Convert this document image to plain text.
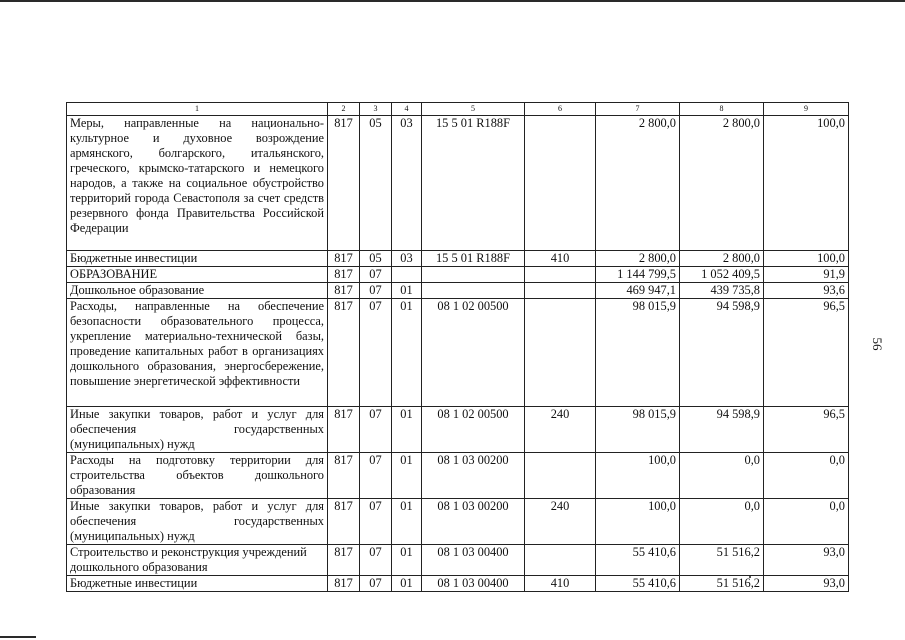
56
1	2	3	4	5	6	7	8	9
Меры, направленные на национально-культурное и духовное возрождение армянского, болгарского, итальянского, греческого, крымско-татарского и немецкого народов, а также на социальное обустройство территорий города Севастополя за счет средств резервного фонда Правительства Российской Федерации	817	05	03	15 5 01 R188F		2 800,0	2 800,0	100,0
Бюджетные инвестиции	817	05	03	15 5 01 R188F	410	2 800,0	2 800,0	100,0
ОБРАЗОВАНИЕ	817	07				1 144 799,5	1 052 409,5	91,9
Дошкольное образование	817	07	01			469 947,1	439 735,8	93,6
Расходы, направленные на обеспечение безопасности образовательного процесса, укрепление материально-технической базы, проведение капитальных работ в организациях дошкольного образования, энергосбережение, повышение энергетической эффективности	817	07	01	08 1 02 00500		98 015,9	94 598,9	96,5
Иные закупки товаров, работ и услуг для обеспечения государственных (муниципальных) нужд	817	07	01	08 1 02 00500	240	98 015,9	94 598,9	96,5
Расходы на подготовку территории для строительства объектов дошкольного образования	817	07	01	08 1 03 00200		100,0	0,0	0,0
Иные закупки товаров, работ и услуг для обеспечения государственных (муниципальных) нужд	817	07	01	08 1 03 00200	240	100,0	0,0	0,0
Строительство и реконструкция учреждений дошкольного образования	817	07	01	08 1 03 00400		55 410,6	51 516,2	93,0
Бюджетные инвестиции	817	07	01	08 1 03 00400	410	55 410,6	51 516,2	93,0
